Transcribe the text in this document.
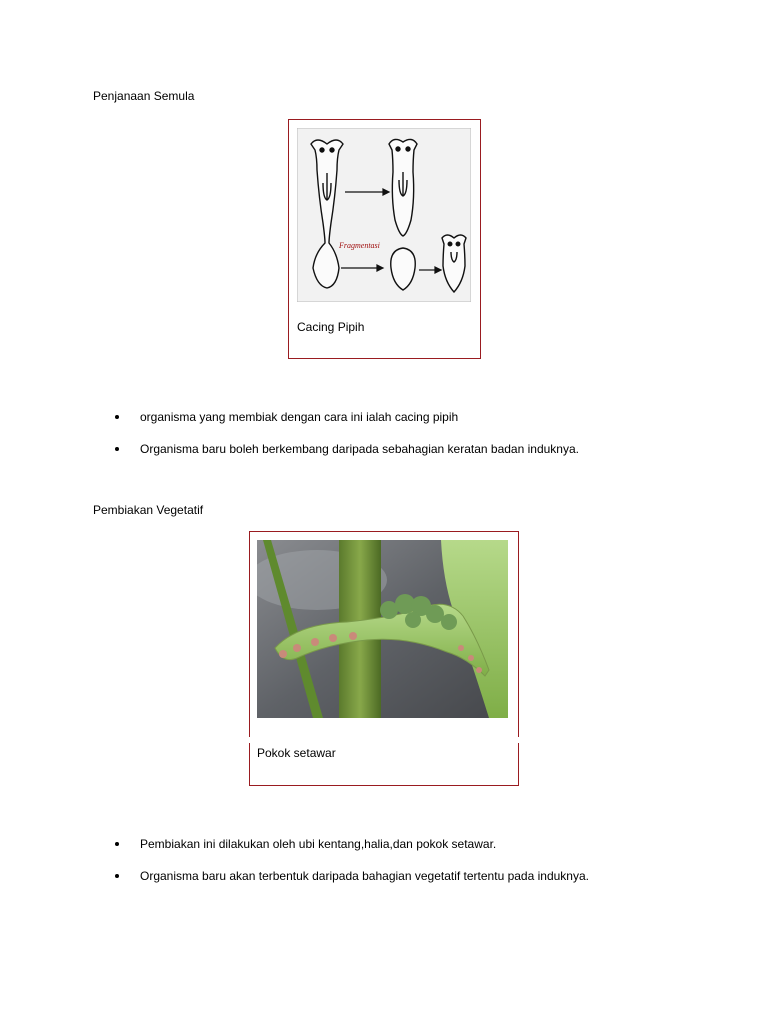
Penjanaan Semula
Fragmentasi
Cacing Pipih
organisma yang membiak dengan cara ini ialah cacing pipih
Organisma baru boleh berkembang daripada sebahagian keratan badan induknya.
Pembiakan Vegetatif
Pokok setawar
Pembiakan ini dilakukan oleh ubi kentang,halia,dan pokok setawar.
Organisma baru akan terbentuk daripada bahagian vegetatif tertentu pada induknya.
